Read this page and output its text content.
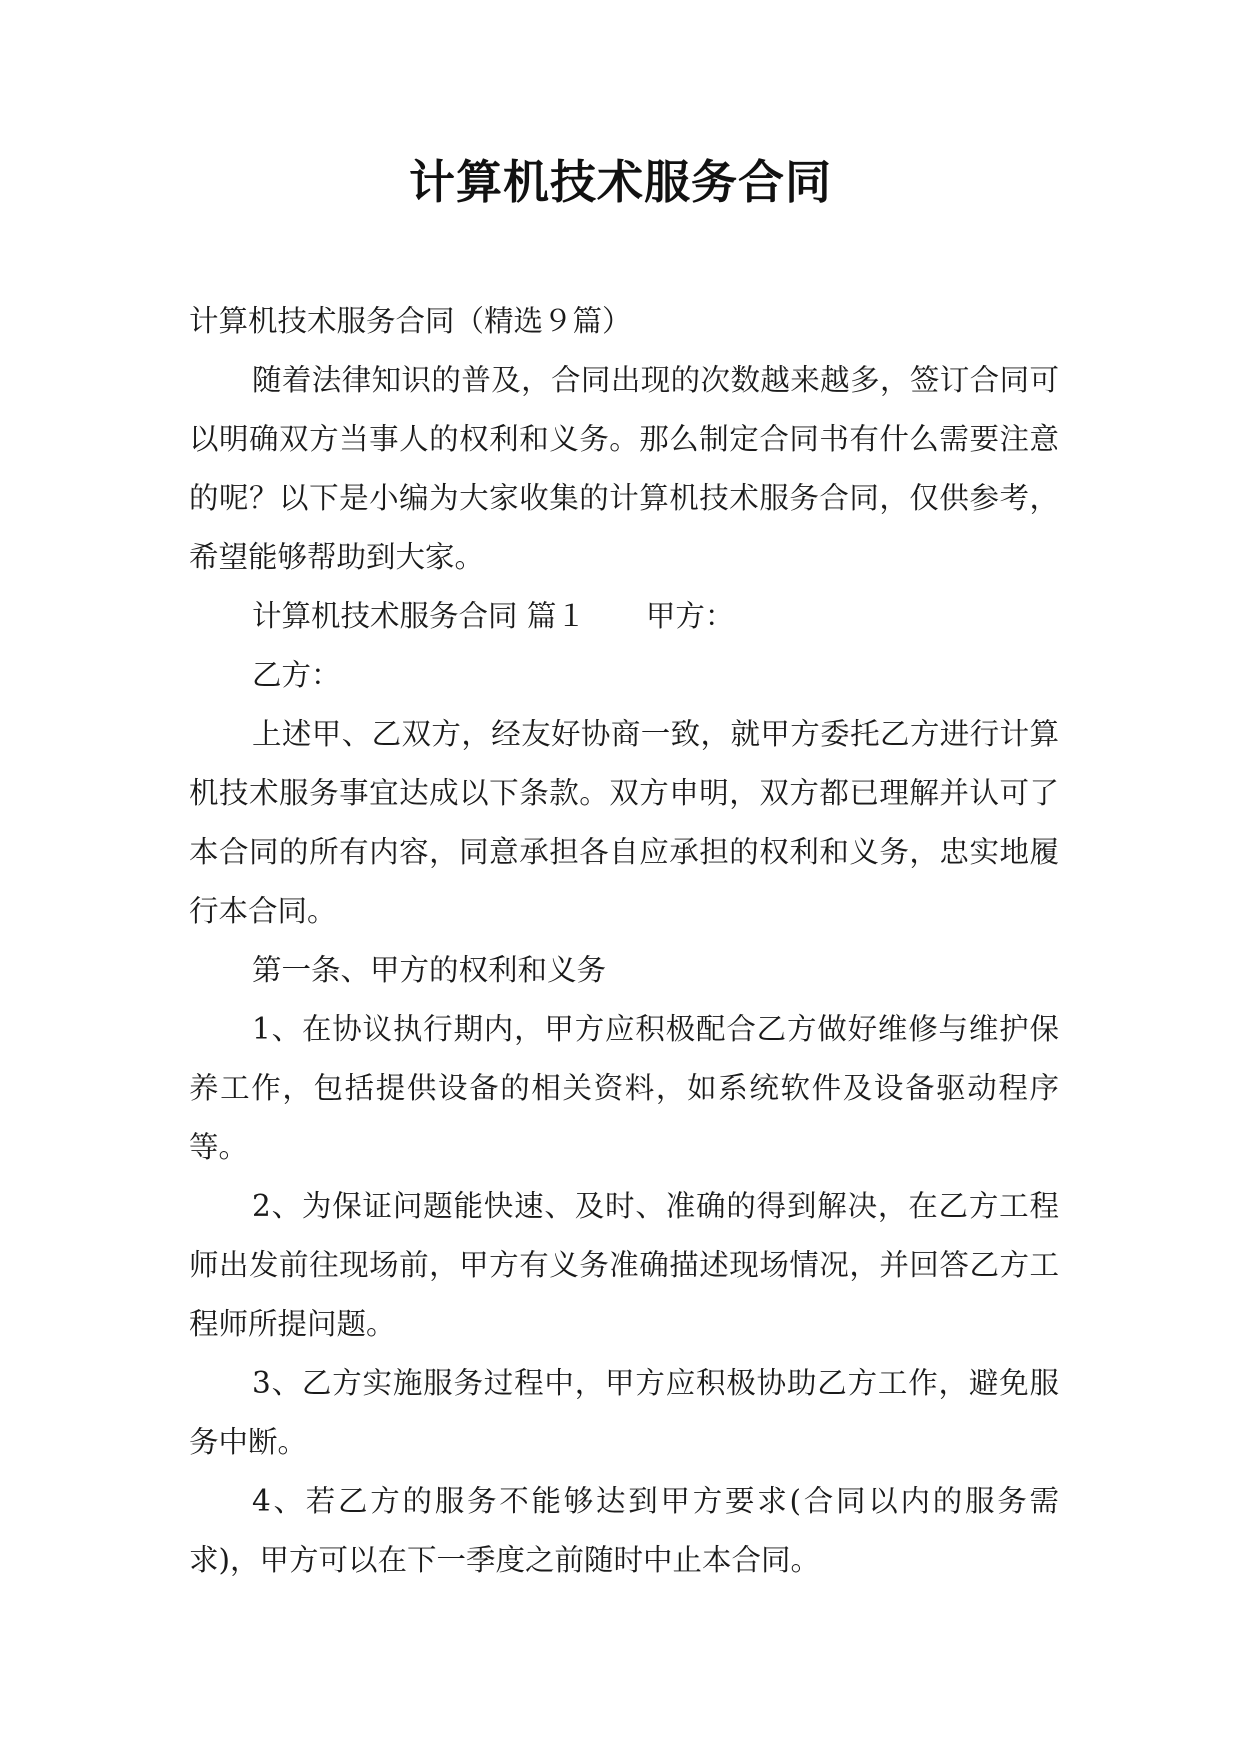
计算机技术服务合同

计算机技术服务合同（精选９篇）

随着法律知识的普及，合同出现的次数越来越多，签订合同可以明确双方当事人的权利和义务。那么制定合同书有什么需要注意的呢？以下是小编为大家收集的计算机技术服务合同，仅供参考，希望能够帮助到大家。

计算机技术服务合同 篇１ 甲方：

乙方：

上述甲、乙双方，经友好协商一致，就甲方委托乙方进行计算机技术服务事宜达成以下条款。双方申明，双方都已理解并认可了本合同的所有内容，同意承担各自应承担的权利和义务，忠实地履行本合同。

第一条、甲方的权利和义务

1、在协议执行期内，甲方应积极配合乙方做好维修与维护保养工作，包括提供设备的相关资料，如系统软件及设备驱动程序等。

2、为保证问题能快速、及时、准确的得到解决，在乙方工程师出发前往现场前，甲方有义务准确描述现场情况，并回答乙方工程师所提问题。

3、乙方实施服务过程中，甲方应积极协助乙方工作，避免服务中断。

4、若乙方的服务不能够达到甲方要求(合同以内的服务需求)，甲方可以在下一季度之前随时中止本合同。
